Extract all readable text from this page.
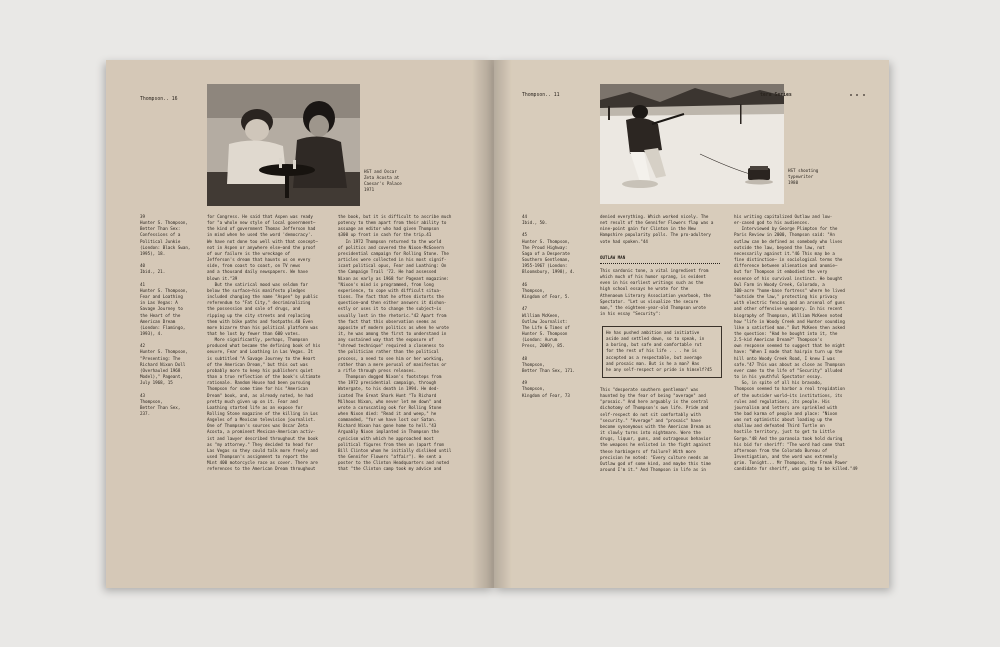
Thompson.. 16
HST and Oscar
Zeta Acosta at
Caesar's Palace
1971
39
Hunter S. Thompson,
Better Than Sex:
Confessions of a
Political Junkie
(London: Black Swan,
1995), 18.

40
Ibid., 21.

41
Hunter S. Thompson,
Fear and Loathing
in Las Vegas: A
Savage Journey to
the Heart of the
American Dream
(London: Flamingo,
1993), 4.

42
Hunter S. Thompson,
"Presenting: The
Richard Nixon Doll
(Overhauled 1968
Model)," Pageant,
July 1968, 15

43
Thompson,
Better Than Sex,
237.
for Congress. He said that Aspen was ready
for "a whole new style of local government—
the kind of government Thomas Jefferson had
in mind when he used the word 'democracy'.
We have not done too well with that concept—
not in Aspen or anywhere else—and the proof
of our failure is the wreckage of
Jefferson's dream that haunts us on every
side, from coast to coast, on TV news
and a thousand daily newspapers. We have
blown it."39
But the satirical mood was seldom far
below the surface—his manifesto pledges
included changing the name "Aspen" by public
referendum to "Fat City," decriminalizing
the possession and sale of drugs, and
ripping up the city streets and replacing
them with bike paths and footpaths.40 Even
more bizarre than his political platform was
that he lost by fewer than 600 votes.
More significantly, perhaps, Thompson
produced what became the defining book of his
oeuvre, Fear and Loathing in Las Vegas. It
is subtitled "A Savage Journey to the Heart
of the American Dream," but this out was
probably more to keep his publishers quiet
than a true reflection of the book's ultimate
rationale. Random House had been pursuing
Thompson for some time for his "American
Dream" book, and, as already noted, he had
pretty much given up on it. Fear and
Loathing started life as an expose for
Rolling Stone magazine of the killing in Los
Angeles of a Mexican television journalist.
One of Thompson's sources was Oscar Zeta
Acosta, a prominent Mexican-American activ-
ist and lawyer described throughout the book
as "my attorney." They decided to head for
Las Vegas so they could talk more freely and
used Thompson's assignment to report the
Mint 400 motorcycle race as cover. There are
references to the American Dream throughout
the book, but it is difficult to ascribe much
potency to them apart from their ability to
assuage an editor who had given Thompson
$300 up front in cash for the trip.41
In 1972 Thompson returned to the world
of politics and covered the Nixon-McGovern
presidential campaign for Rolling Stone. The
articles were collected in his most signif-
icant political opus, Fear and Loathing: On
the Campaign Trail '72. He had assessed
Nixon as early as 1968 for Pageant magazine:
"Nixon's mind is programmed, from long
experience, to cope with difficult situa-
tions. The fact that he often distorts the
question—and then either answers it dishon-
estly or uses it to change the subject—is
usually lost in the rhetoric."42 Apart from
the fact that this observation seems as
apposite of modern politics as when he wrote
it, he was among the first to understand in
any sustained way that the exposure of
"shrewd technique" required a closeness to
the politician rather than the political
process, a need to see him or her working,
rather than a mere perusal of manifestos or
a rifle through press releases.
Thompson dogged Nixon's footsteps from
the 1972 presidential campaign, through
Watergate, to his death in 1994. He ded-
icated The Great Shark Hunt "To Richard
Milhous Nixon, who never let me down" and
wrote a coruscating ook for Rolling Stone
when Nixon died: "Read it and weep," he
commanded, "for we have lost our Satan.
Richard Nixon has gone home to hell."43
Arguably Nixon implanted in Thompson the
cynicism with which he approached most
political figures from then on (apart from
Bill Clinton whom he initially disliked until
the Gennifer Flowers "affair"). He sent a
poster to the Clinton Headquarters and noted
that "the Clinton camp took my advice and
Thompson.. 11	tera Series
HST shooting
typewriter
1980
44
Ibid., 50.

45
Hunter S. Thompson,
The Proud Highway:
Saga of a Desperate
Southern Gentleman,
1955-1967 (London:
Bloomsbury, 1998), 4.

46
Thompson,
Kingdom of Fear, 5.

47
William McKeen,
Outlaw Journalist:
The Life & Times of
Hunter S. Thompson
(London: Aurum
Press, 2009), 85.

48
Thompson,
Better Than Sex, 171.

49
Thompson,
Kingdom of Fear, 73
denied everything. Which worked nicely. The
net result of the Gennifer Flowers flap was a
nine-point gain for Clinton in the New
Hampshire popularity polls. The pro-adultery
vote had spoken."44
OUTLAW MAN
This sardonic tone, a vital ingredient from
which much of his humor sprang, is evident
even in his earliest writings such as the
high school essays he wrote for the
Athenaeum Literary Association yearbook, the
Spectator. "Let us visualize the secure
man," the eighteen-year-old Thompson wrote
in his essay "Security":
He has pushed ambition and initiative
aside and settled down, so to speak, in
a boring, but safe and comfortable rut
for the rest of his life . . . he is
accepted as a respectable, but average
and prosaic man. But is he a man? Has
he any self-respect or pride in himself?45
This "desperate southern gentleman" was
haunted by the fear of being "average" and
"prosaic." And here arguably is the central
dichotomy of Thompson's own life. Pride and
self-respect do not sit comfortably with
"security." "Average" and "prosaic" have
become synonymous with the American Dream as
it slowly turns into nightmare. Were the
drugs, liquor, guns, and outrageous behavior
the weapons he enlisted in the fight against
these harbingers of failure? With more
precision he noted: "Every culture needs an
Outlaw god of some kind, and maybe this time
around I'm it." And Thompson in life as in
his writing capitalized Outlaw and low-
er-cased god to his audiences.
Interviewed by George Plimpton for the
Paris Review in 2000, Thompson said: "An
outlaw can be defined as somebody who lives
outside the law, beyond the law, not
necessarily against it."46 This may be a
fine distinction— in sociological terms the
difference between alienation and anomie—
but for Thompson it embodied the very
essence of his survival instinct. He bought
Owl Farm in Woody Creek, Colorado, a
100-acre "home-base fortress" where he lived
"outside the law," protecting his privacy
with electric fencing and an arsenal of guns
and other offensive weaponry. In his recent
biography of Thompson, William McKeen noted
how "life in Woody Creek and Hunter sounding
like a satisfied man." But McKeen then asked
the question: "Had he bought into it, the
2.5-kid American Dream?" Thompson's
own response seemed to suggest that he might
have: "When I made that hairpin turn up the
hill onto Woody Creek Road, I knew I was
safe."47 This was about as close as Thompson
ever came to the life of "Security" alluded
to in his youthful Spectator essay.
So, in spite of all his bravado,
Thompson seemed to harbor a real trepidation
of the outsider world—its institutions, its
rules and regulations, its people. His
journalism and letters are sprinkled with
the bad karma of people and place: "Nixon
was not optimistic about loading up the
shallow and defeated Third Turtle on
hostile territory, just to get to Little
Gorge."48 And the paranoia took hold during
his bid for sheriff: "The word had come that
afternoon from the Colorado Bureau of
Investigation, and the word was extremely
grim. Tonight... Mr Thompson, the Freak Power
candidate for sheriff, was going to be killed."49
